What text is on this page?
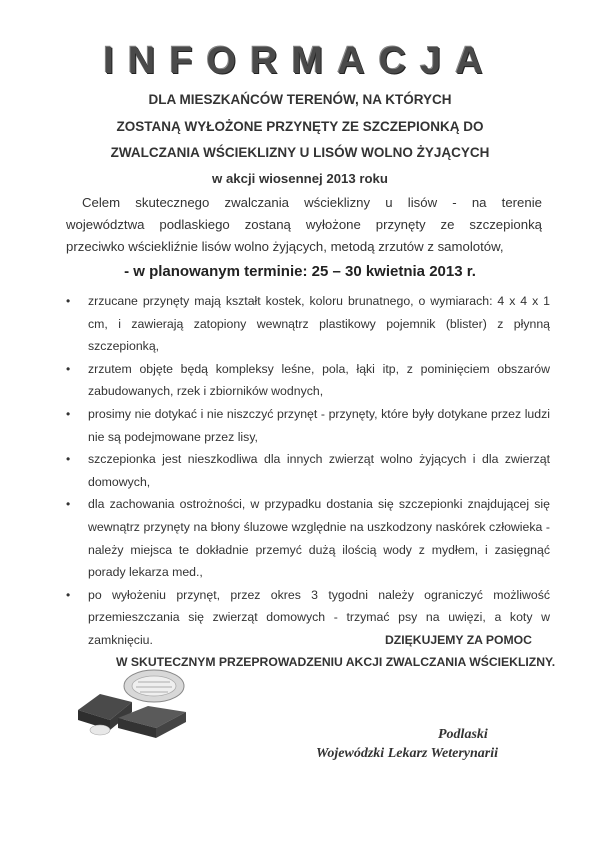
INFORMACJA
DLA MIESZKAŃCÓW TERENÓW, NA KTÓRYCH
ZOSTANĄ WYŁOŻONE PRZYNĘTY ZE SZCZEPIONKĄ DO
ZWALCZANIA WŚCIEKLIZNY U LISÓW WOLNO ŻYJĄCYCH
w akcji wiosennej 2013 roku
Celem skutecznego zwalczania wścieklizny u lisów - na terenie
województwa podlaskiego zostaną wyłożone przynęty ze szczepionką
przeciwko wściekliźnie lisów wolno żyjących, metodą zrzutów z samolotów,
- w planowanym terminie: 25 – 30 kwietnia 2013 r.
•	zrzucane przynęty mają kształt kostek, koloru brunatnego, o wymiarach: 4 x 4 x 1 cm, i zawierają zatopiony wewnątrz plastikowy pojemnik (blister) z płynną szczepionką,
•	zrzutem objęte będą kompleksy leśne, pola, łąki itp, z pominięciem obszarów zabudowanych, rzek i zbiorników wodnych,
•	prosimy nie dotykać i nie niszczyć przynęt - przynęty, które były dotykane przez ludzi nie są podejmowane przez lisy,
•	szczepionka jest nieszkodliwa dla innych zwierząt wolno żyjących i dla zwierząt domowych,
•	dla zachowania ostrożności, w przypadku dostania się szczepionki znajdującej się wewnątrz przynęty na błony śluzowe względnie na uszkodzony naskórek człowieka - należy miejsca te dokładnie przemyć dużą ilością wody z mydłem, i zasięgnąć porady lekarza med.,
•	po wyłożeniu przynęt, przez okres 3 tygodni należy ograniczyć możliwość przemieszczania się zwierząt domowych - trzymać psy na uwięzi, a koty w zamknięciu.	DZIĘKUJEMY ZA POMOC
W SKUTECZNYM PRZEPROWADZENIU AKCJI ZWALCZANIA WŚCIEKLIZNY.
Podlaski
Wojewódzki Lekarz Weterynarii
